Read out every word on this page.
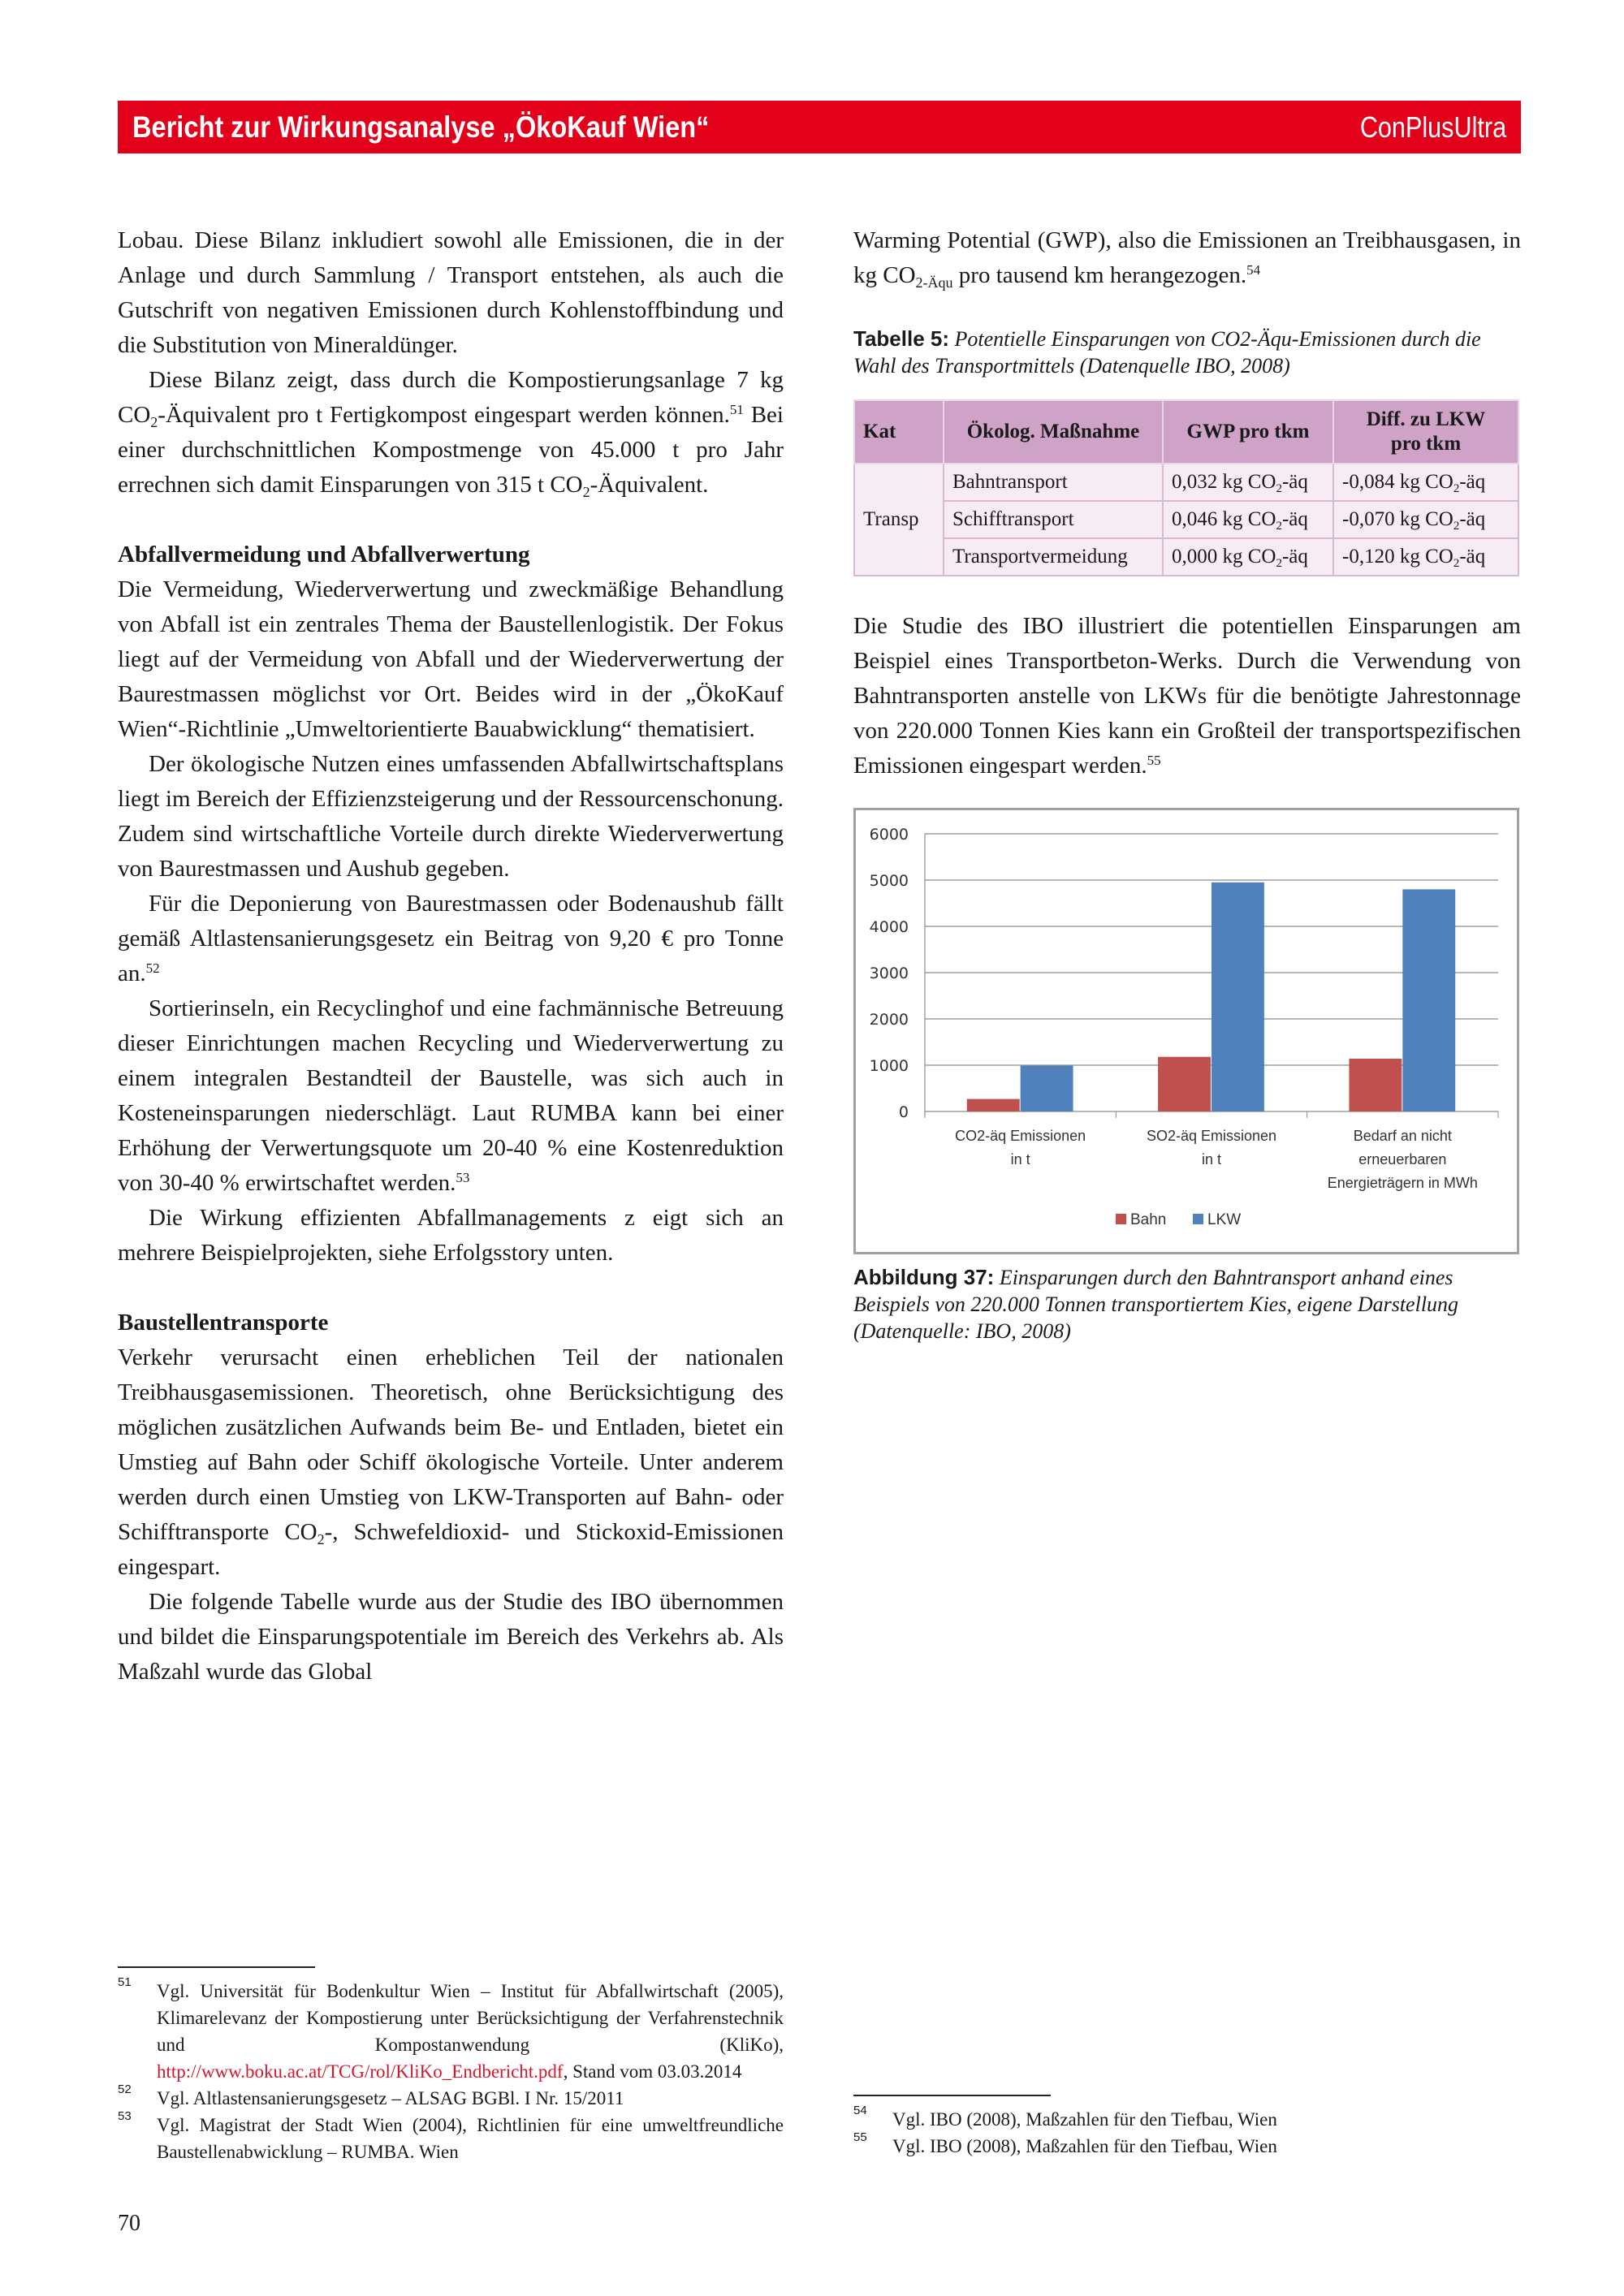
Bericht zur Wirkungsanalyse „ÖkoKauf Wien“	ConPlusUltra

Lobau. Diese Bilanz inkludiert sowohl alle Emissionen, die in der Anlage und durch Sammlung / Transport entstehen, als auch die Gutschrift von negativen Emissionen durch Kohlenstoffbindung und die Substitution von Mineraldünger.

Diese Bilanz zeigt, dass durch die Kompostierungsanlage 7 kg $CO_2$-Äquivalent pro t Fertigkompost eingespart werden können.$^{51}$ Bei einer durchschnittlichen Kompostmenge von 45.000 t pro Jahr errechnen sich damit Einsparungen von 315 t $CO_2$-Äquivalent.

Abfallvermeidung und Abfallverwertung

Die Vermeidung, Wiederverwertung und zweckmäßige Behandlung von Abfall ist ein zentrales Thema der Baustellenlogistik. Der Fokus liegt auf der Vermeidung von Abfall und der Wiederverwertung der Baurestmassen möglichst vor Ort. Beides wird in der „ÖkoKauf Wien“-Richtlinie „Umweltorientierte Bauabwicklung“ thematisiert.

Der ökologische Nutzen eines umfassenden Abfallwirtschaftsplans liegt im Bereich der Effizienzsteigerung und der Ressourcenschonung. Zudem sind wirtschaftliche Vorteile durch direkte Wiederverwertung von Baurestmassen und Aushub gegeben.

Für die Deponierung von Baurestmassen oder Bodenaushub fällt gemäß Altlastensanierungsgesetz ein Beitrag von 9,20 € pro Tonne an.$^{52}$

Sortierinseln, ein Recyclinghof und eine fachmännische Betreuung dieser Einrichtungen machen Recycling und Wiederverwertung zu einem integralen Bestandteil der Baustelle, was sich auch in Kosteneinsparungen niederschlägt. Laut RUMBA kann bei einer Erhöhung der Verwertungsquote um 20-40 % eine Kostenreduktion von 30-40 % erwirtschaftet werden.$^{53}$

Die Wirkung effizienten Abfallmanagements z eigt sich an mehrere Beispielprojekten, siehe Erfolgsstory unten.

Baustellentransporte

Verkehr verursacht einen erheblichen Teil der nationalen Treibhausgasemissionen. Theoretisch, ohne Berücksichtigung des möglichen zusätzlichen Aufwands beim Be- und Entladen, bietet ein Umstieg auf Bahn oder Schiff ökologische Vorteile. Unter anderem werden durch einen Umstieg von LKW-Transporten auf Bahn- oder Schifftransporte $CO_2-$, Schwefeldioxid- und Stickoxid-Emissionen eingespart.

Die folgende Tabelle wurde aus der Studie des IBO übernommen und bildet die Einsparungspotentiale im Bereich des Verkehrs ab. Als Maßzahl wurde das Global

51 Vgl. Universität für Bodenkultur Wien – Institut für Abfallwirtschaft (2005), Klimarelevanz der Kompostierung unter Berücksichtigung der Verfahrenstechnik und Kompostanwendung (KliKo), http://www.boku.ac.at/TCG/rol/KliKo_Endbericht.pdf, Stand vom 03.03.2014
52 Vgl. Altlastensanierungsgesetz – ALSAG BGBl. I Nr. 15/2011
53 Vgl. Magistrat der Stadt Wien (2004), Richtlinien für eine umweltfreundliche Baustellenabwicklung – RUMBA. Wien
70

Warming Potential (GWP), also die Emissionen an Treibhausgasen, in kg $CO_{2-Äqu}$ pro tausend km herangezogen.$^{54}$

Tabelle 5: Potentielle Einsparungen von CO2-Äqu-Emissionen durch die Wahl des Transportmittels (Datenquelle IBO, 2008)
Kat	Ökolog. Maßnahme	GWP pro tkm	Diff. zu LKW pro tkm
Transp	Bahntransport	0,032 kg $CO_2-äq$	-0,084 kg $CO_2-äq$
	Schifftransport	0,046 kg $CO_2-äq$	-0,070 kg $CO_2-äq$
	Transportvermeidung	0,000 kg $CO_2-äq$	-0,120 kg $CO_2-äq$

Die Studie des IBO illustriert die potentiellen Einsparungen am Beispiel eines Transportbeton-Werks. Durch die Verwendung von Bahntransporten anstelle von LKWs für die benötigte Jahrestonnage von 220.000 Tonnen Kies kann ein Großteil der transportspezifischen Emissionen eingespart werden.$^{55}$

0
1000
2000
3000
4000
5000
6000
CO2-äq Emissionen
in t
SO2-äq Emissionen
in t
Bedarf an nicht
erneuerbaren
Energieträgern in MWh
Bahn	LKW
Abbildung 37: Einsparungen durch den Bahntransport anhand eines Beispiels von 220.000 Tonnen transportiertem Kies, eigene Darstellung (Datenquelle: IBO, 2008)
54 Vgl. IBO (2008), Maßzahlen für den Tiefbau, Wien
55 Vgl. IBO (2008), Maßzahlen für den Tiefbau, Wien
